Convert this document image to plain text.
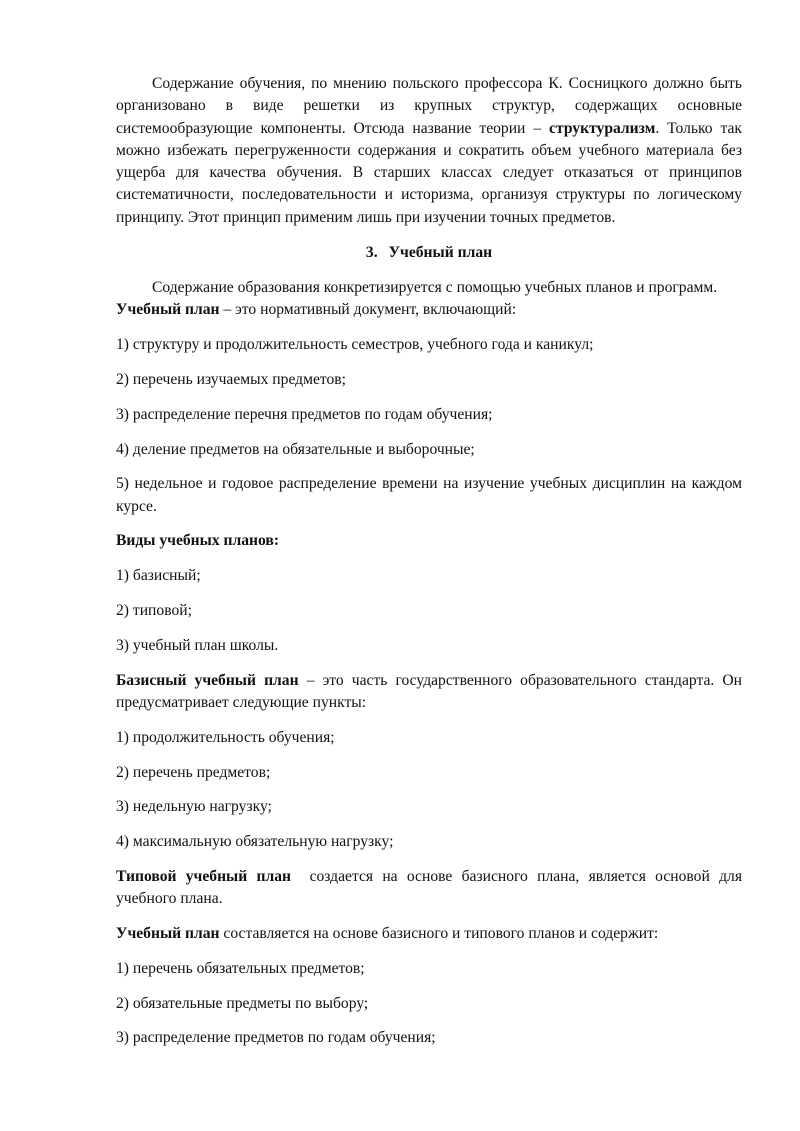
Содержание обучения, по мнению польского профессора К. Сосницкого должно быть организовано в виде решетки из крупных структур, содержащих основные системообразующие компоненты. Отсюда название теории – структурализм. Только так можно избежать перегруженности содержания и сократить объем учебного материала без ущерба для качества обучения. В старших классах следует отказаться от принципов систематичности, последовательности и историзма, организуя структуры по логическому принципу. Этот принцип применим лишь при изучении точных предметов.

3. Учебный план

Содержание образования конкретизируется с помощью учебных планов и программ.

Учебный план – это нормативный документ, включающий:

1) структуру и продолжительность семестров, учебного года и каникул;

2) перечень изучаемых предметов;

3) распределение перечня предметов по годам обучения;

4) деление предметов на обязательные и выборочные;

5) недельное и годовое распределение времени на изучение учебных дисциплин на каждом курсе.

Виды учебных планов:

1) базисный;

2) типовой;

3) учебный план школы.

Базисный учебный план – это часть государственного образовательного стандарта. Он предусматривает следующие пункты:

1) продолжительность обучения;

2) перечень предметов;

3) недельную нагрузку;

4) максимальную обязательную нагрузку;

Типовой учебный план  создается на основе базисного плана, является основой для учебного плана.

Учебный план составляется на основе базисного и типового планов и содержит:

1) перечень обязательных предметов;

2) обязательные предметы по выбору;

3) распределение предметов по годам обучения;
